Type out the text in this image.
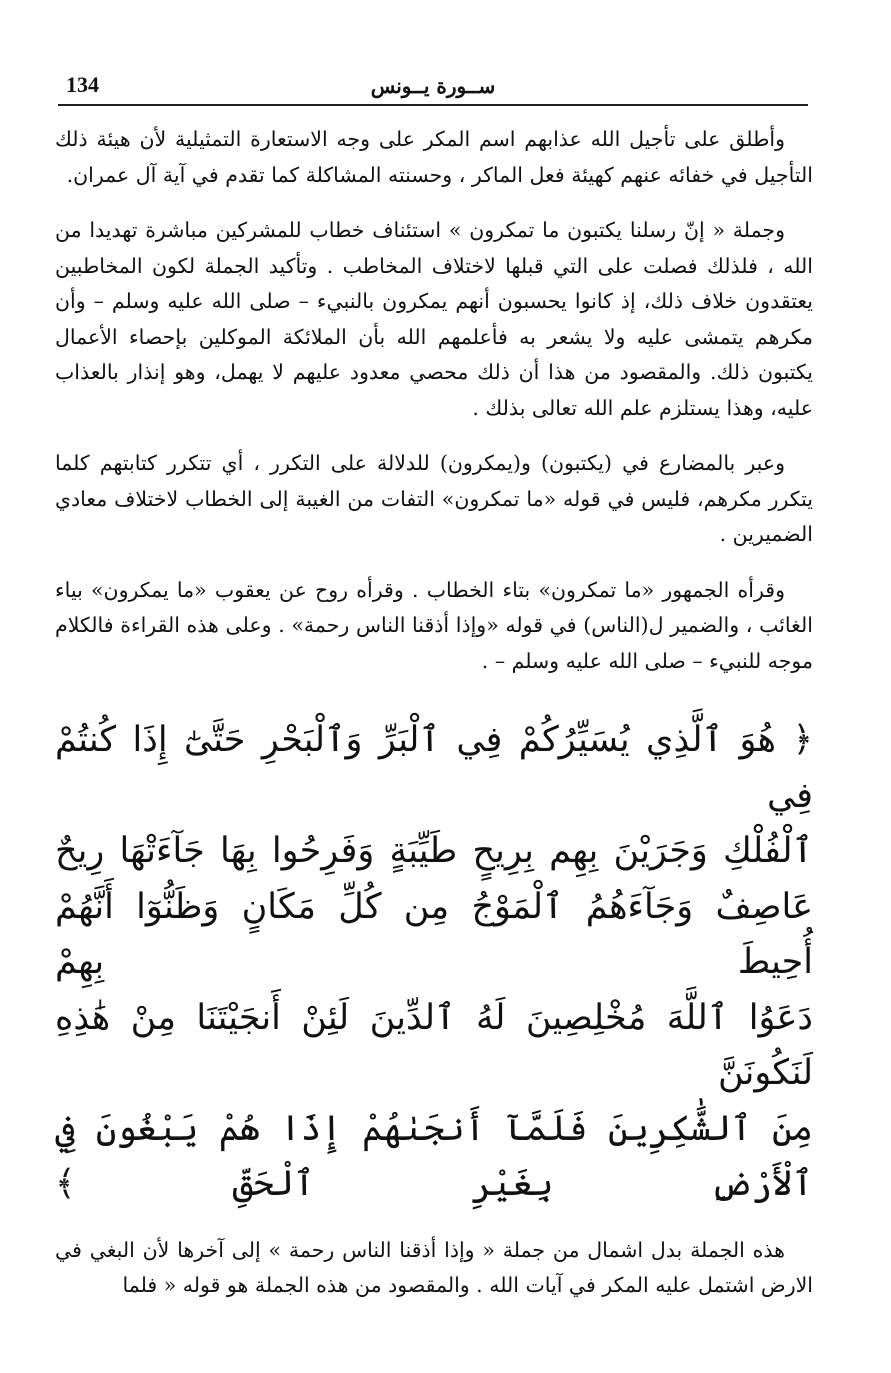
134	ســورة يــونس

وأطلق على تأجيل الله عذابهم اسم المكر على وجه الاستعارة التمثيلية لأن هيئة ذلك التأجيل في خفائه عنهم كهيئة فعل الماكر ، وحسنته المشاكلة كما تقدم في آية آل عمران.

وجملة « إنّ رسلنا يكتبون ما تمكرون » استئناف خطاب للمشركين مباشرة تهديدا من الله ، فلذلك فصلت على التي قبلها لاختلاف المخاطب . وتأكيد الجملة لكون المخاطبين يعتقدون خلاف ذلك، إذ كانوا يحسبون أنهم يمكرون بالنبيء – صلى الله عليه وسلم – وأن مكرهم يتمشى عليه ولا يشعر به فأعلمهم الله بأن الملائكة الموكلين بإحصاء الأعمال يكتبون ذلك. والمقصود من هذا أن ذلك محصي معدود عليهم لا يهمل، وهو إنذار بالعذاب عليه، وهذا يستلزم علم الله تعالى بذلك .

وعبر بالمضارع في (يكتبون) و(يمكرون) للدلالة على التكرر ، أي تتكرر كتابتهم كلما يتكرر مكرهم، فليس في قوله «ما تمكرون» التفات من الغيبة إلى الخطاب لاختلاف معادي الضميرين .

وقرأه الجمهور «ما تمكرون» بتاء الخطاب . وقرأه روح عن يعقوب «ما يمكرون» بياء الغائب ، والضمير ل(الناس) في قوله «وإذا أذقنا الناس رحمة» . وعلى هذه القراءة فالكلام موجه للنبيء – صلى الله عليه وسلم – .

﴿ هُوَ ٱلَّذِي يُسَيِّرُكُمْ فِي ٱلْبَرِّ وَٱلْبَحْرِ حَتَّىٰٓ إِذَا كُنتُمْ فِي

ٱلْفُلْكِ وَجَرَيْنَ بِهِم بِرِيحٍ طَيِّبَةٍ وَفَرِحُوا بِهَا جَآءَتْهَا رِيحٌ

عَاصِفٌ وَجَآءَهُمُ ٱلْمَوْجُ مِن كُلِّ مَكَانٍ وَظَنُّوٓا أَنَّهُمْ أُحِيطَ بِهِمْ

دَعَوُا ٱللَّهَ مُخْلِصِينَ لَهُ ٱلدِّينَ لَئِنْ أَنجَيْتَنَا مِنْ هَٰذِهِ لَنَكُونَنَّ

مِنَ ٱلشَّٰكِرِينَ فَلَمَّآ أَنجَىٰهُمْ إِذَا هُمْ يَبْغُونَ فِي ٱلْأَرْضِ بِغَيْرِ ٱلْحَقِّ ﴾

هذه الجملة بدل اشمال من جملة « وإذا أذقنا الناس رحمة » إلى آخرها لأن البغي في الارض اشتمل عليه المكر في آيات الله . والمقصود من هذه الجملة هو قوله « فلما
